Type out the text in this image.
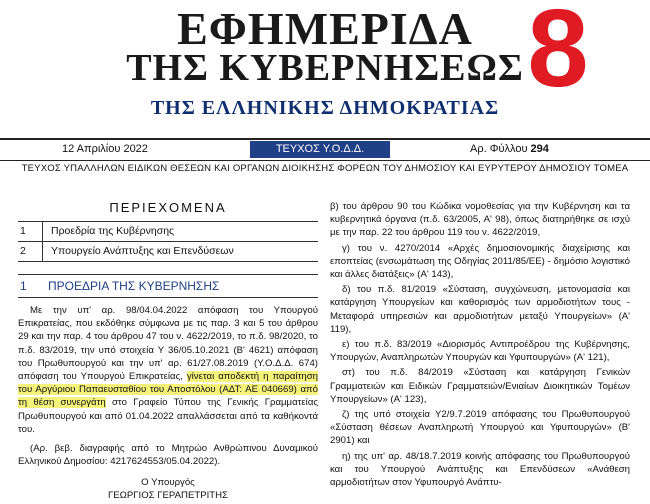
ΕΦΗΜΕΡΙΔΑ
ΤΗΣ ΚΥΒΕΡΝΗΣΕΩΣ
ΤΗΣ ΕΛΛΗΝΙΚΗΣ ΔΗΜΟΚΡΑΤΙΑΣ 8
12 Απριλίου 2022	ΤΕΥΧΟΣ Υ.Ο.Δ.Δ.	Αρ. Φύλλου 294
ΤΕΥΧΟΣ ΥΠΑΛΛΗΛΩΝ ΕΙΔΙΚΩΝ ΘΕΣΕΩΝ ΚΑΙ ΟΡΓΑΝΩΝ ΔΙΟΙΚΗΣΗΣ ΦΟΡΕΩΝ ΤΟΥ ΔΗΜΟΣΙΟΥ ΚΑΙ ΕΥΡΥΤΕΡΟΥ ΔΗΜΟΣΙΟΥ ΤΟΜΕΑ
ΠΕΡΙΕΧΟΜΕΝΑ
1	Προεδρία της Κυβέρνησης
2	Υπουργείο Ανάπτυξης και Επενδύσεων
1	ΠΡΟΕΔΡΙΑ ΤΗΣ ΚΥΒΕΡΝΗΣΗΣ

Με την υπ' αρ. 98/04.04.2022 απόφαση του Υπουργού Επικρατείας, που εκδόθηκε σύμφωνα με τις παρ. 3 και 5 του άρθρου 29 και την παρ. 4 του άρθρου 47 του ν. 4622/2019, το π.δ. 98/2020, το π.δ. 83/2019, την υπό στοιχεία Υ 36/05.10.2021 (Β' 4621) απόφαση του Πρωθυπουργού και την υπ' αρ. 61/27.08.2019 (Υ.Ο.Δ.Δ. 674) απόφαση του Υπουργού Επικρατείας, γίνεται αποδεκτή η παραίτηση του Αργύριου Παπαευσταθίου του Αποστόλου (ΑΔΤ: ΑΕ 040669) από τη θέση συνεργάτη στο Γραφείο Τύπου της Γενικής Γραμματείας Πρωθυπουργού και από 01.04.2022 απαλλάσσεται από τα καθήκοντά του.

(Αρ. βεβ. διαγραφής από το Μητρώο Ανθρώπινου Δυναμικού Ελληνικού Δημοσίου: 4217624553/05.04.2022).

Ο Υπουργός
ΓΕΩΡΓΙΟΣ ΓΕΡΑΠΕΤΡΙΤΗΣ

β) του άρθρου 90 του Κώδικα νομοθεσίας για την Κυβέρνηση και τα κυβερνητικά όργανα (π.δ. 63/2005, Α' 98), όπως διατηρήθηκε σε ισχύ με την παρ. 22 του άρθρου 119 του ν. 4622/2019,

γ) του ν. 4270/2014 «Αρχές δημοσιονομικής διαχείρισης και εποπτείας (ενσωμάτωση της Οδηγίας 2011/85/ΕΕ) - δημόσιο λογιστικό και άλλες διατάξεις» (Α' 143),

δ) του π.δ. 81/2019 «Σύσταση, συγχώνευση, μετονομασία και κατάργηση Υπουργείων και καθορισμός των αρμοδιοτήτων τους - Μεταφορά υπηρεσιών και αρμοδιοτήτων μεταξύ Υπουργείων» (Α' 119),

ε) του π.δ. 83/2019 «Διορισμός Αντιπροέδρου της Κυβέρνησης, Υπουργών, Αναπληρωτών Υπουργών και Υφυπουργών» (Α' 121),

στ) του π.δ. 84/2019 «Σύσταση και κατάργηση Γενικών Γραμματειών και Ειδικών Γραμματειών/Ενιαίων Διοικητικών Τομέων Υπουργείων» (Α' 123),

ζ) της υπό στοιχεία Υ2/9.7.2019 απόφασης του Πρωθυπουργού «Σύσταση θέσεων Αναπληρωτή Υπουργού και Υφυπουργών» (Β' 2901) και

η) της υπ' αρ. 48/18.7.2019 κοινής απόφασης του Πρωθυπουργού και του Υπουργού Ανάπτυξης και Επενδύσεων «Ανάθεση αρμοδιοτήτων στον Υφυπουργό Ανάπτυ-
